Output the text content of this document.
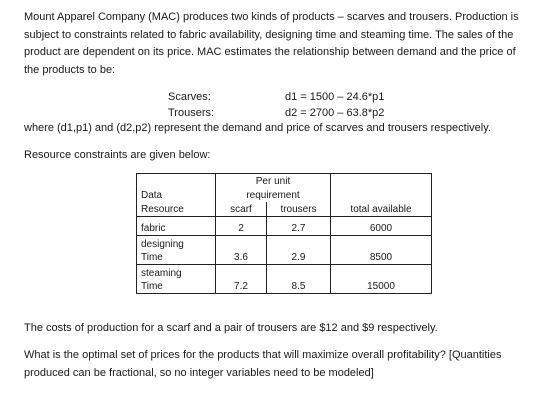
Mount Apparel Company (MAC) produces two kinds of products – scarves and trousers. Production is subject to constraints related to fabric availability, designing time and steaming time. The sales of the product are dependent on its price. MAC estimates the relationship between demand and the price of the products to be:

Scarves:	d1 = 1500 – 24.6*p1
Trousers:	d2 = 2700 – 63.8*p2

where (d1,p1) and (d2,p2) represent the demand and price of scarves and trousers respectively.

Resource constraints are given below:

	Per unit		
Data	requirement		
Resource	scarf	trousers	total available
fabric	2	2.7	6000

designing
Time	3.6	2.9	8500

steaming
Time	7.2	8.5	15000

The costs of production for a scarf and a pair of trousers are $12 and $9 respectively.

What is the optimal set of prices for the products that will maximize overall profitability? [Quantities produced can be fractional, so no integer variables need to be modeled]
